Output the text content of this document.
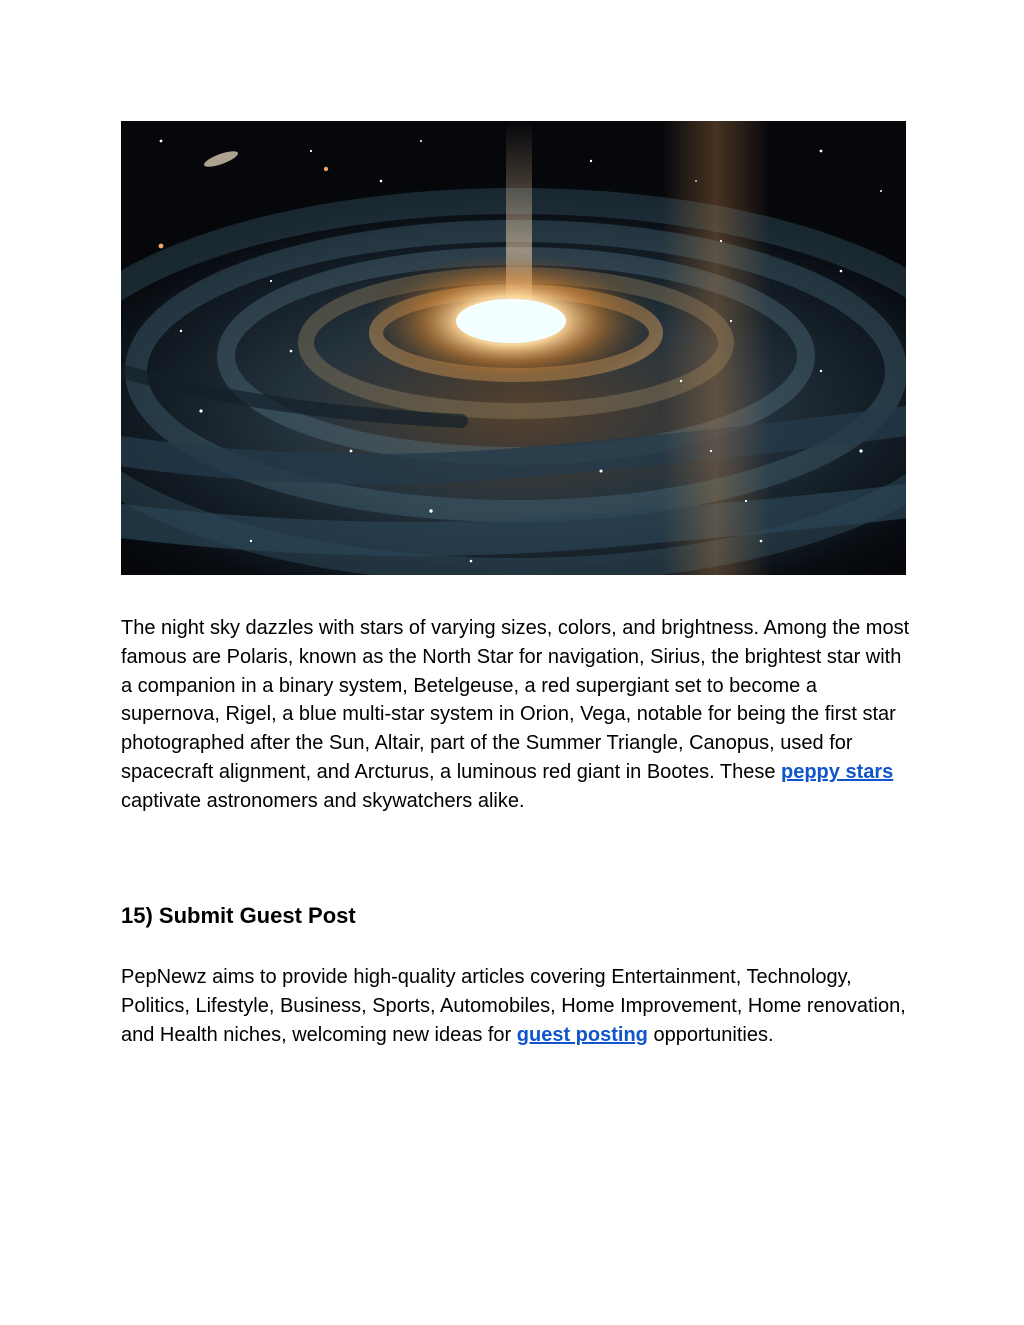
The night sky dazzles with stars of varying sizes, colors, and brightness. Among the most famous are Polaris, known as the North Star for navigation, Sirius, the brightest star with a companion in a binary system, Betelgeuse, a red supergiant set to become a supernova, Rigel, a blue multi-star system in Orion, Vega, notable for being the first star photographed after the Sun, Altair, part of the Summer Triangle, Canopus, used for spacecraft alignment, and Arcturus, a luminous red giant in Bootes. These peppy stars captivate astronomers and skywatchers alike.

15) Submit Guest Post

PepNewz aims to provide high-quality articles covering Entertainment, Technology, Politics, Lifestyle, Business, Sports, Automobiles, Home Improvement, Home renovation, and Health niches, welcoming new ideas for guest posting opportunities.
